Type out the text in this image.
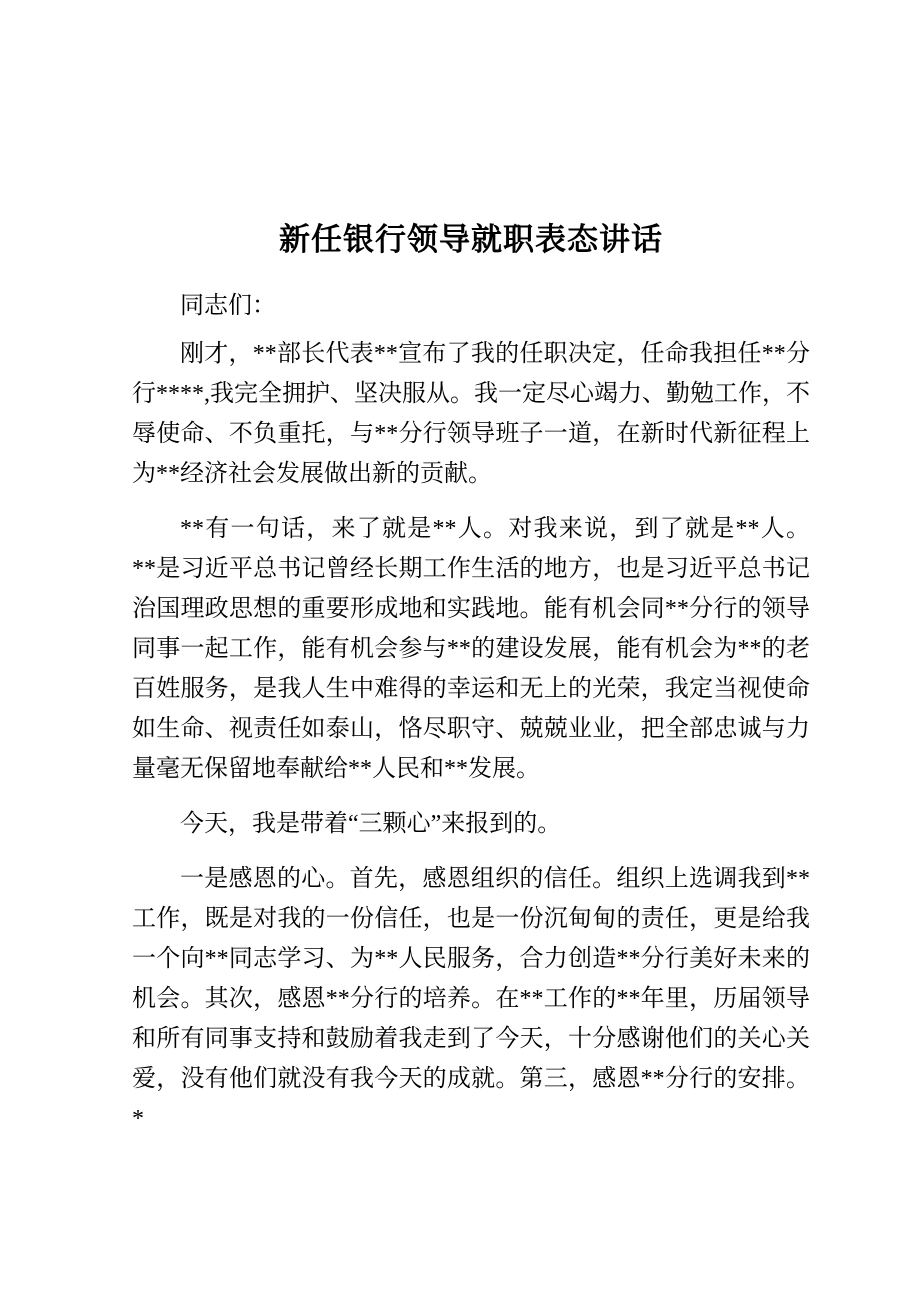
新任银行领导就职表态讲话

同志们：

刚才，**部长代表**宣布了我的任职决定，任命我担任**分

行****,我完全拥护、坚决服从。我一定尽心竭力、勤勉工作，不

辱使命、不负重托，与**分行领导班子一道，在新时代新征程上

为**经济社会发展做出新的贡献。

**有一句话，来了就是**人。对我来说，到了就是**人。

**是习近平总书记曾经长期工作生活的地方，也是习近平总书记

治国理政思想的重要形成地和实践地。能有机会同**分行的领导

同事一起工作，能有机会参与**的建设发展，能有机会为**的老

百姓服务，是我人生中难得的幸运和无上的光荣，我定当视使命

如生命、视责任如泰山，恪尽职守、兢兢业业，把全部忠诚与力

量毫无保留地奉献给**人民和**发展。

今天，我是带着“三颗心”来报到的。

一是感恩的心。首先，感恩组织的信任。组织上选调我到**

工作，既是对我的一份信任，也是一份沉甸甸的责任，更是给我

一个向**同志学习、为**人民服务，合力创造**分行美好未来的

机会。其次，感恩**分行的培养。在**工作的**年里，历届领导

和所有同事支持和鼓励着我走到了今天，十分感谢他们的关心关

爱，没有他们就没有我今天的成就。第三，感恩**分行的安排。*
